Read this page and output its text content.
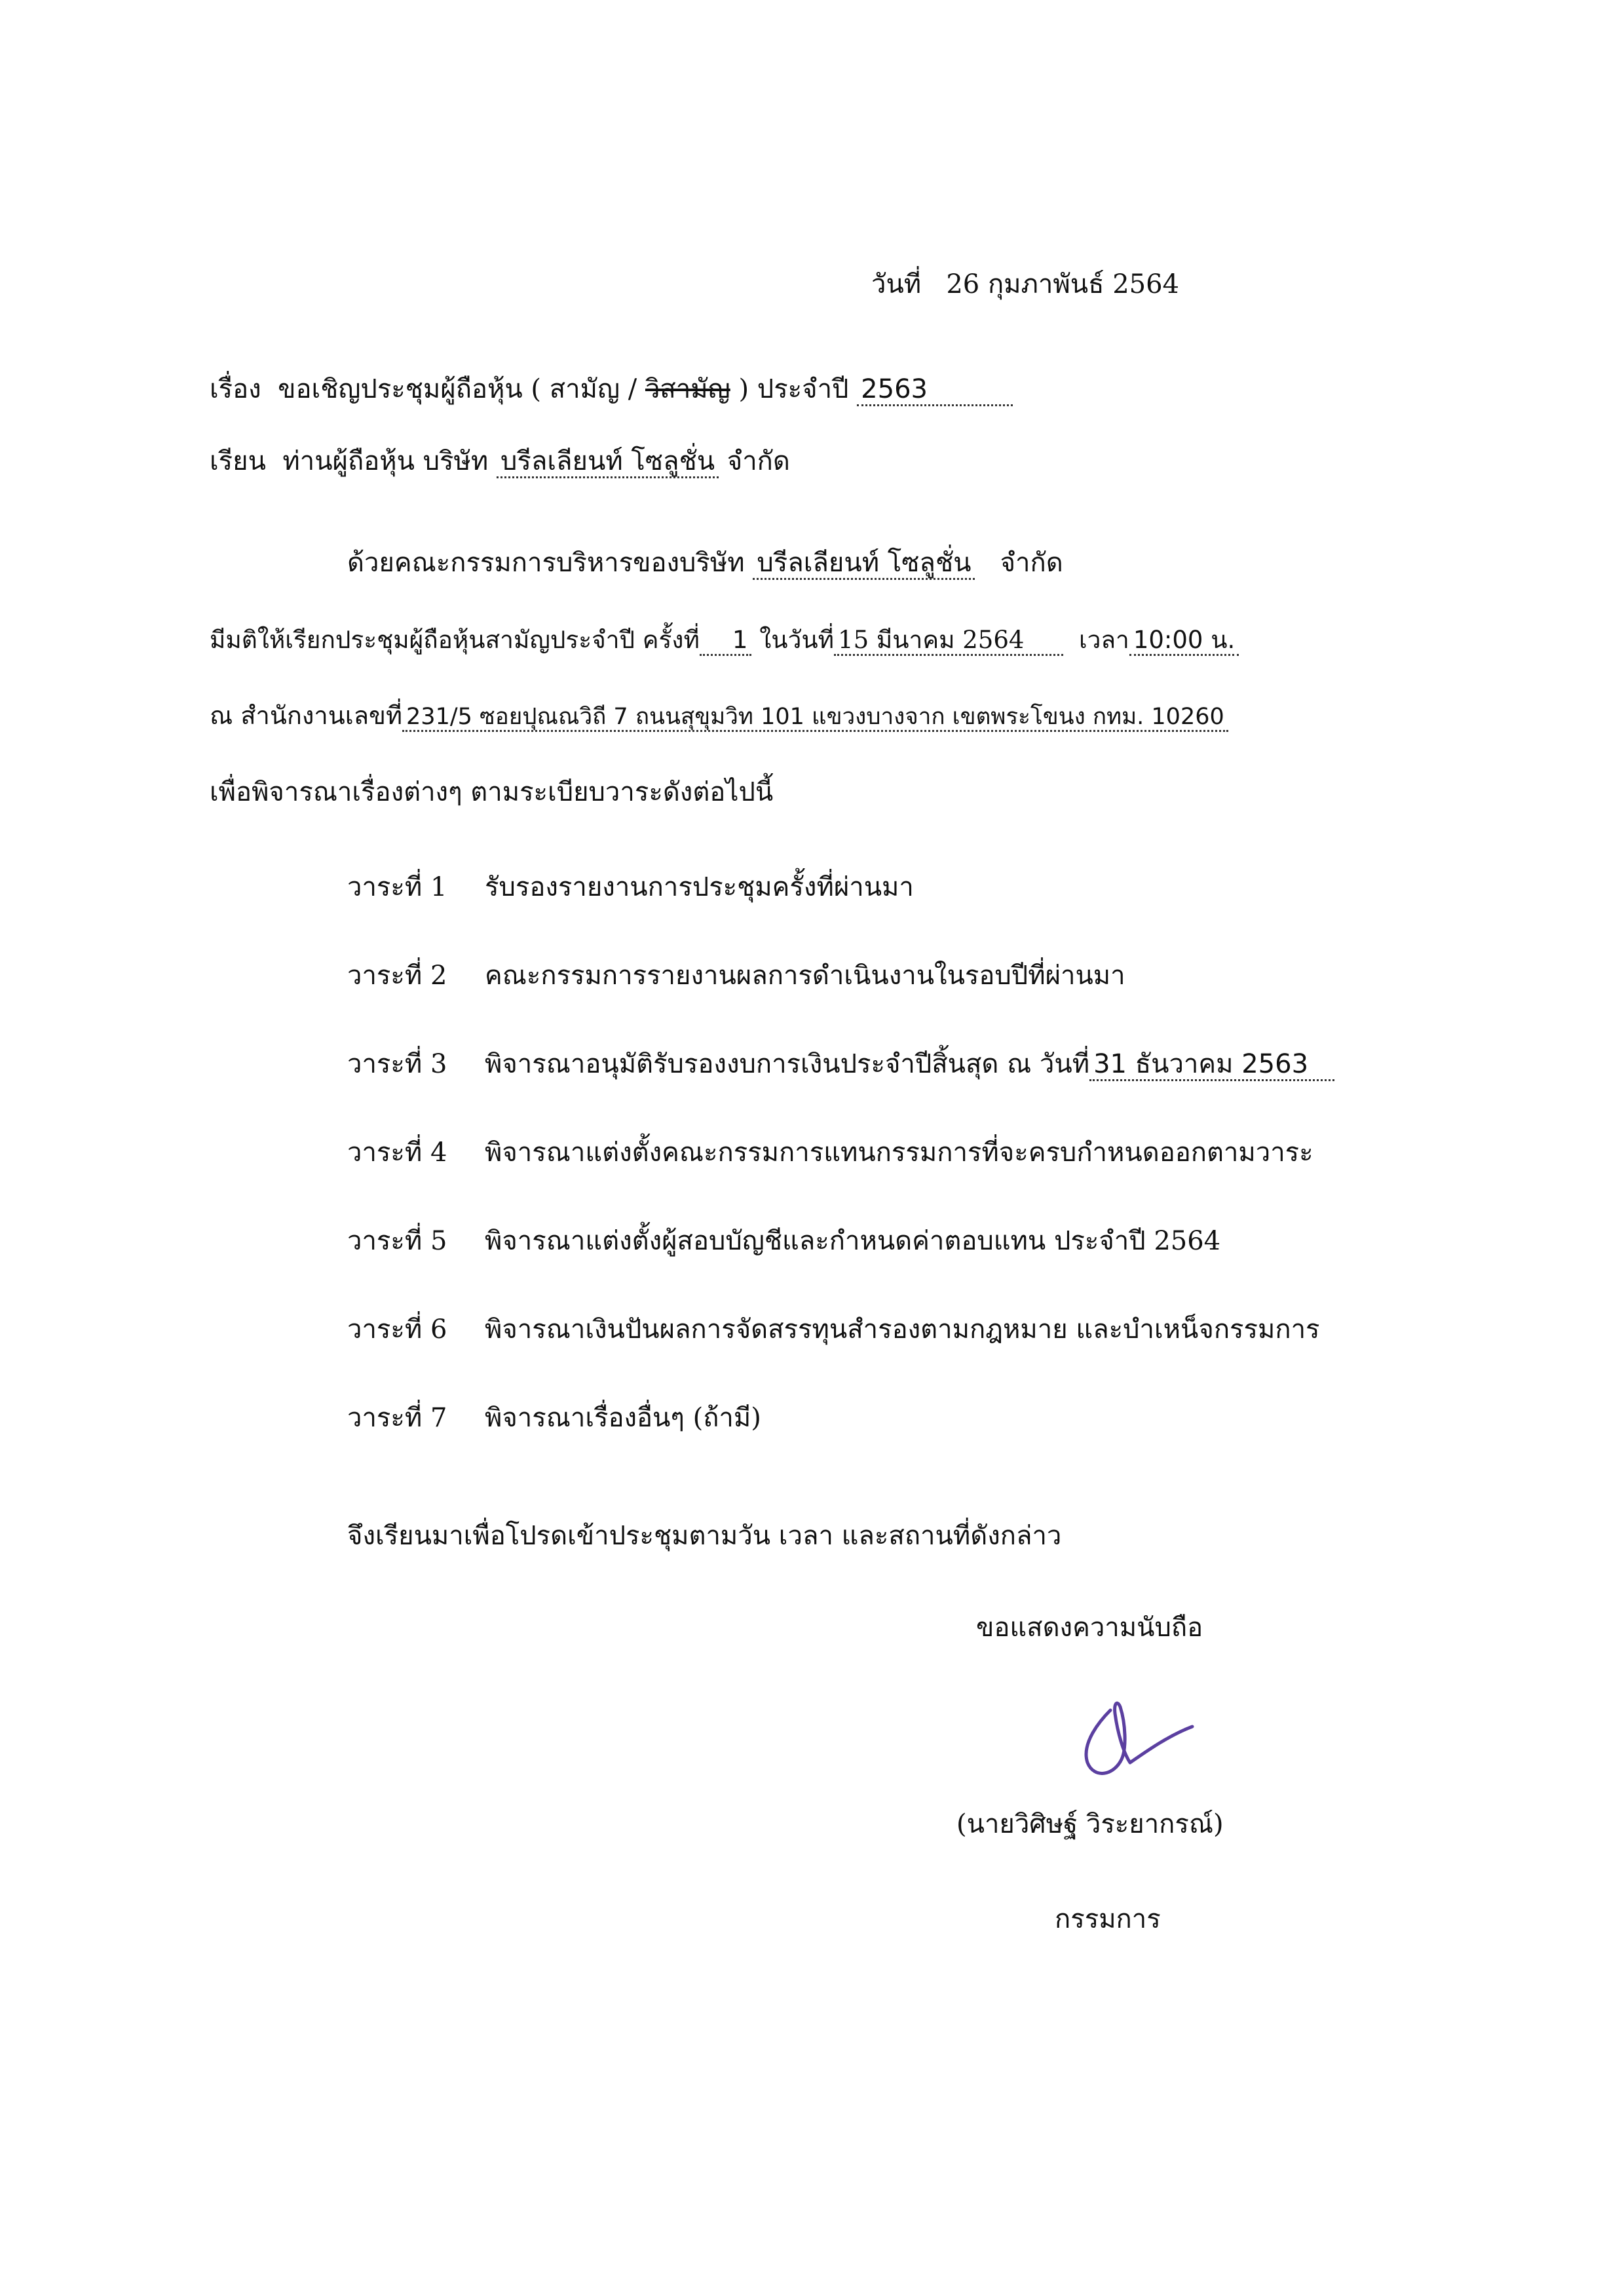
วันที่ 26 กุมภาพันธ์ 2564
เรื่อง ขอเชิญประชุมผู้ถือหุ้น ( สามัญ / วิสามัญ ) ประจำปี 2563
เรียน ท่านผู้ถือหุ้น บริษัท บรีลเลียนท์ โซลูชั่น จำกัด
ด้วยคณะกรรมการบริหารของบริษัท บรีลเลียนท์ โซลูชั่น จำกัด
มีมติให้เรียกประชุมผู้ถือหุ้นสามัญประจำปี ครั้งที่ 1 ในวันที่ 15 มีนาคม 2564 เวลา 10:00 น.
ณ สำนักงานเลขที่ 231/5 ซอยปุณณวิถี 7 ถนนสุขุมวิท 101 แขวงบางจาก เขตพระโขนง กทม. 10260
เพื่อพิจารณาเรื่องต่างๆ ตามระเบียบวาระดังต่อไปนี้
วาระที่ 1 รับรองรายงานการประชุมครั้งที่ผ่านมา
วาระที่ 2 คณะกรรมการรายงานผลการดำเนินงานในรอบปีที่ผ่านมา
วาระที่ 3 พิจารณาอนุมัติรับรองงบการเงินประจำปีสิ้นสุด ณ วันที่ 31 ธันวาคม 2563
วาระที่ 4 พิจารณาแต่งตั้งคณะกรรมการแทนกรรมการที่จะครบกำหนดออกตามวาระ
วาระที่ 5 พิจารณาแต่งตั้งผู้สอบบัญชีและกำหนดค่าตอบแทน ประจำปี 2564
วาระที่ 6 พิจารณาเงินปันผลการจัดสรรทุนสำรองตามกฎหมาย และบำเหน็จกรรมการ
วาระที่ 7 พิจารณาเรื่องอื่นๆ (ถ้ามี)
จึงเรียนมาเพื่อโปรดเข้าประชุมตามวัน เวลา และสถานที่ดังกล่าว
ขอแสดงความนับถือ
(นายวิศิษฐ์ วิระยากรณ์)
กรรมการ
